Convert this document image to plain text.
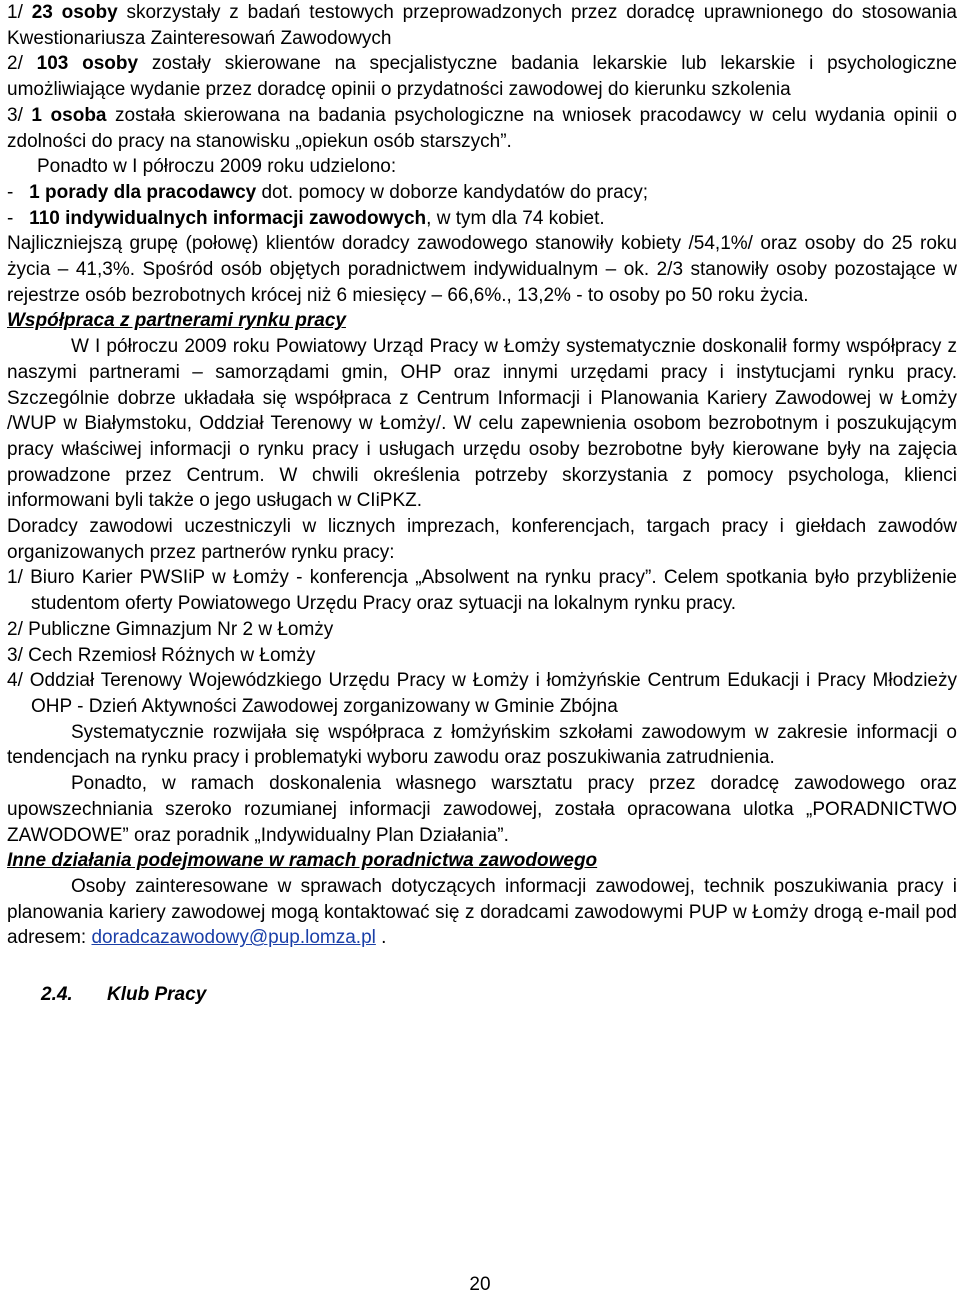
1/ 23 osoby skorzystały z badań testowych przeprowadzonych przez doradcę uprawnionego do stosowania Kwestionariusza Zainteresowań Zawodowych

2/ 103 osoby zostały skierowane na specjalistyczne badania lekarskie lub lekarskie i psychologiczne umożliwiające wydanie przez doradcę opinii o przydatności zawodowej do kierunku szkolenia

3/ 1 osoba została skierowana na badania psychologiczne na wniosek pracodawcy w celu wydania opinii o zdolności do pracy na stanowisku „opiekun osób starszych”.

Ponadto w I półroczu 2009 roku udzielono:

- 1 porady dla pracodawcy dot. pomocy w doborze kandydatów do pracy;

- 110 indywidualnych informacji zawodowych, w tym dla 74 kobiet.

Najliczniejszą grupę (połowę) klientów doradcy zawodowego stanowiły kobiety /54,1%/ oraz osoby do 25 roku życia – 41,3%. Spośród osób objętych poradnictwem indywidualnym – ok. 2/3 stanowiły osoby pozostające w rejestrze osób bezrobotnych krócej niż 6 miesięcy – 66,6%., 13,2% - to osoby po 50 roku życia.

Współpraca z partnerami rynku pracy

W I półroczu 2009 roku Powiatowy Urząd Pracy w Łomży systematycznie doskonalił formy współpracy z naszymi partnerami – samorządami gmin, OHP oraz innymi urzędami pracy i instytucjami rynku pracy. Szczególnie dobrze układała się współpraca z Centrum Informacji i Planowania Kariery Zawodowej w Łomży /WUP w Białymstoku, Oddział Terenowy w Łomży/. W celu zapewnienia osobom bezrobotnym i poszukującym pracy właściwej informacji o rynku pracy i usługach urzędu osoby bezrobotne były kierowane były na zajęcia prowadzone przez Centrum. W chwili określenia potrzeby skorzystania z pomocy psychologa, klienci informowani byli także o jego usługach w CIiPKZ.

Doradcy zawodowi uczestniczyli w licznych imprezach, konferencjach, targach pracy i giełdach zawodów organizowanych przez partnerów rynku pracy:

1/ Biuro Karier PWSIiP w Łomży - konferencja „Absolwent na rynku pracy”. Celem spotkania było przybliżenie studentom oferty Powiatowego Urzędu Pracy oraz sytuacji na lokalnym rynku pracy.

2/ Publiczne Gimnazjum Nr 2 w Łomży

3/ Cech Rzemiosł Różnych w Łomży

4/ Oddział Terenowy Wojewódzkiego Urzędu Pracy w Łomży i łomżyńskie Centrum Edukacji i Pracy Młodzieży OHP - Dzień Aktywności Zawodowej zorganizowany w Gminie Zbójna

Systematycznie rozwijała się współpraca z łomżyńskim szkołami zawodowym w zakresie informacji o tendencjach na rynku pracy i problematyki wyboru zawodu oraz poszukiwania zatrudnienia.

Ponadto, w ramach doskonalenia własnego warsztatu pracy przez doradcę zawodowego oraz upowszechniania szeroko rozumianej informacji zawodowej, została opracowana ulotka „PORADNICTWO ZAWODOWE” oraz poradnik „Indywidualny Plan Działania”.

Inne działania podejmowane w ramach poradnictwa zawodowego

Osoby zainteresowane w sprawach dotyczących informacji zawodowej, technik poszukiwania pracy i planowania kariery zawodowej mogą kontaktować się z doradcami zawodowymi PUP w Łomży drogą e-mail pod adresem: doradcazawodowy@pup.lomza.pl .

2.4. Klub Pracy

20
